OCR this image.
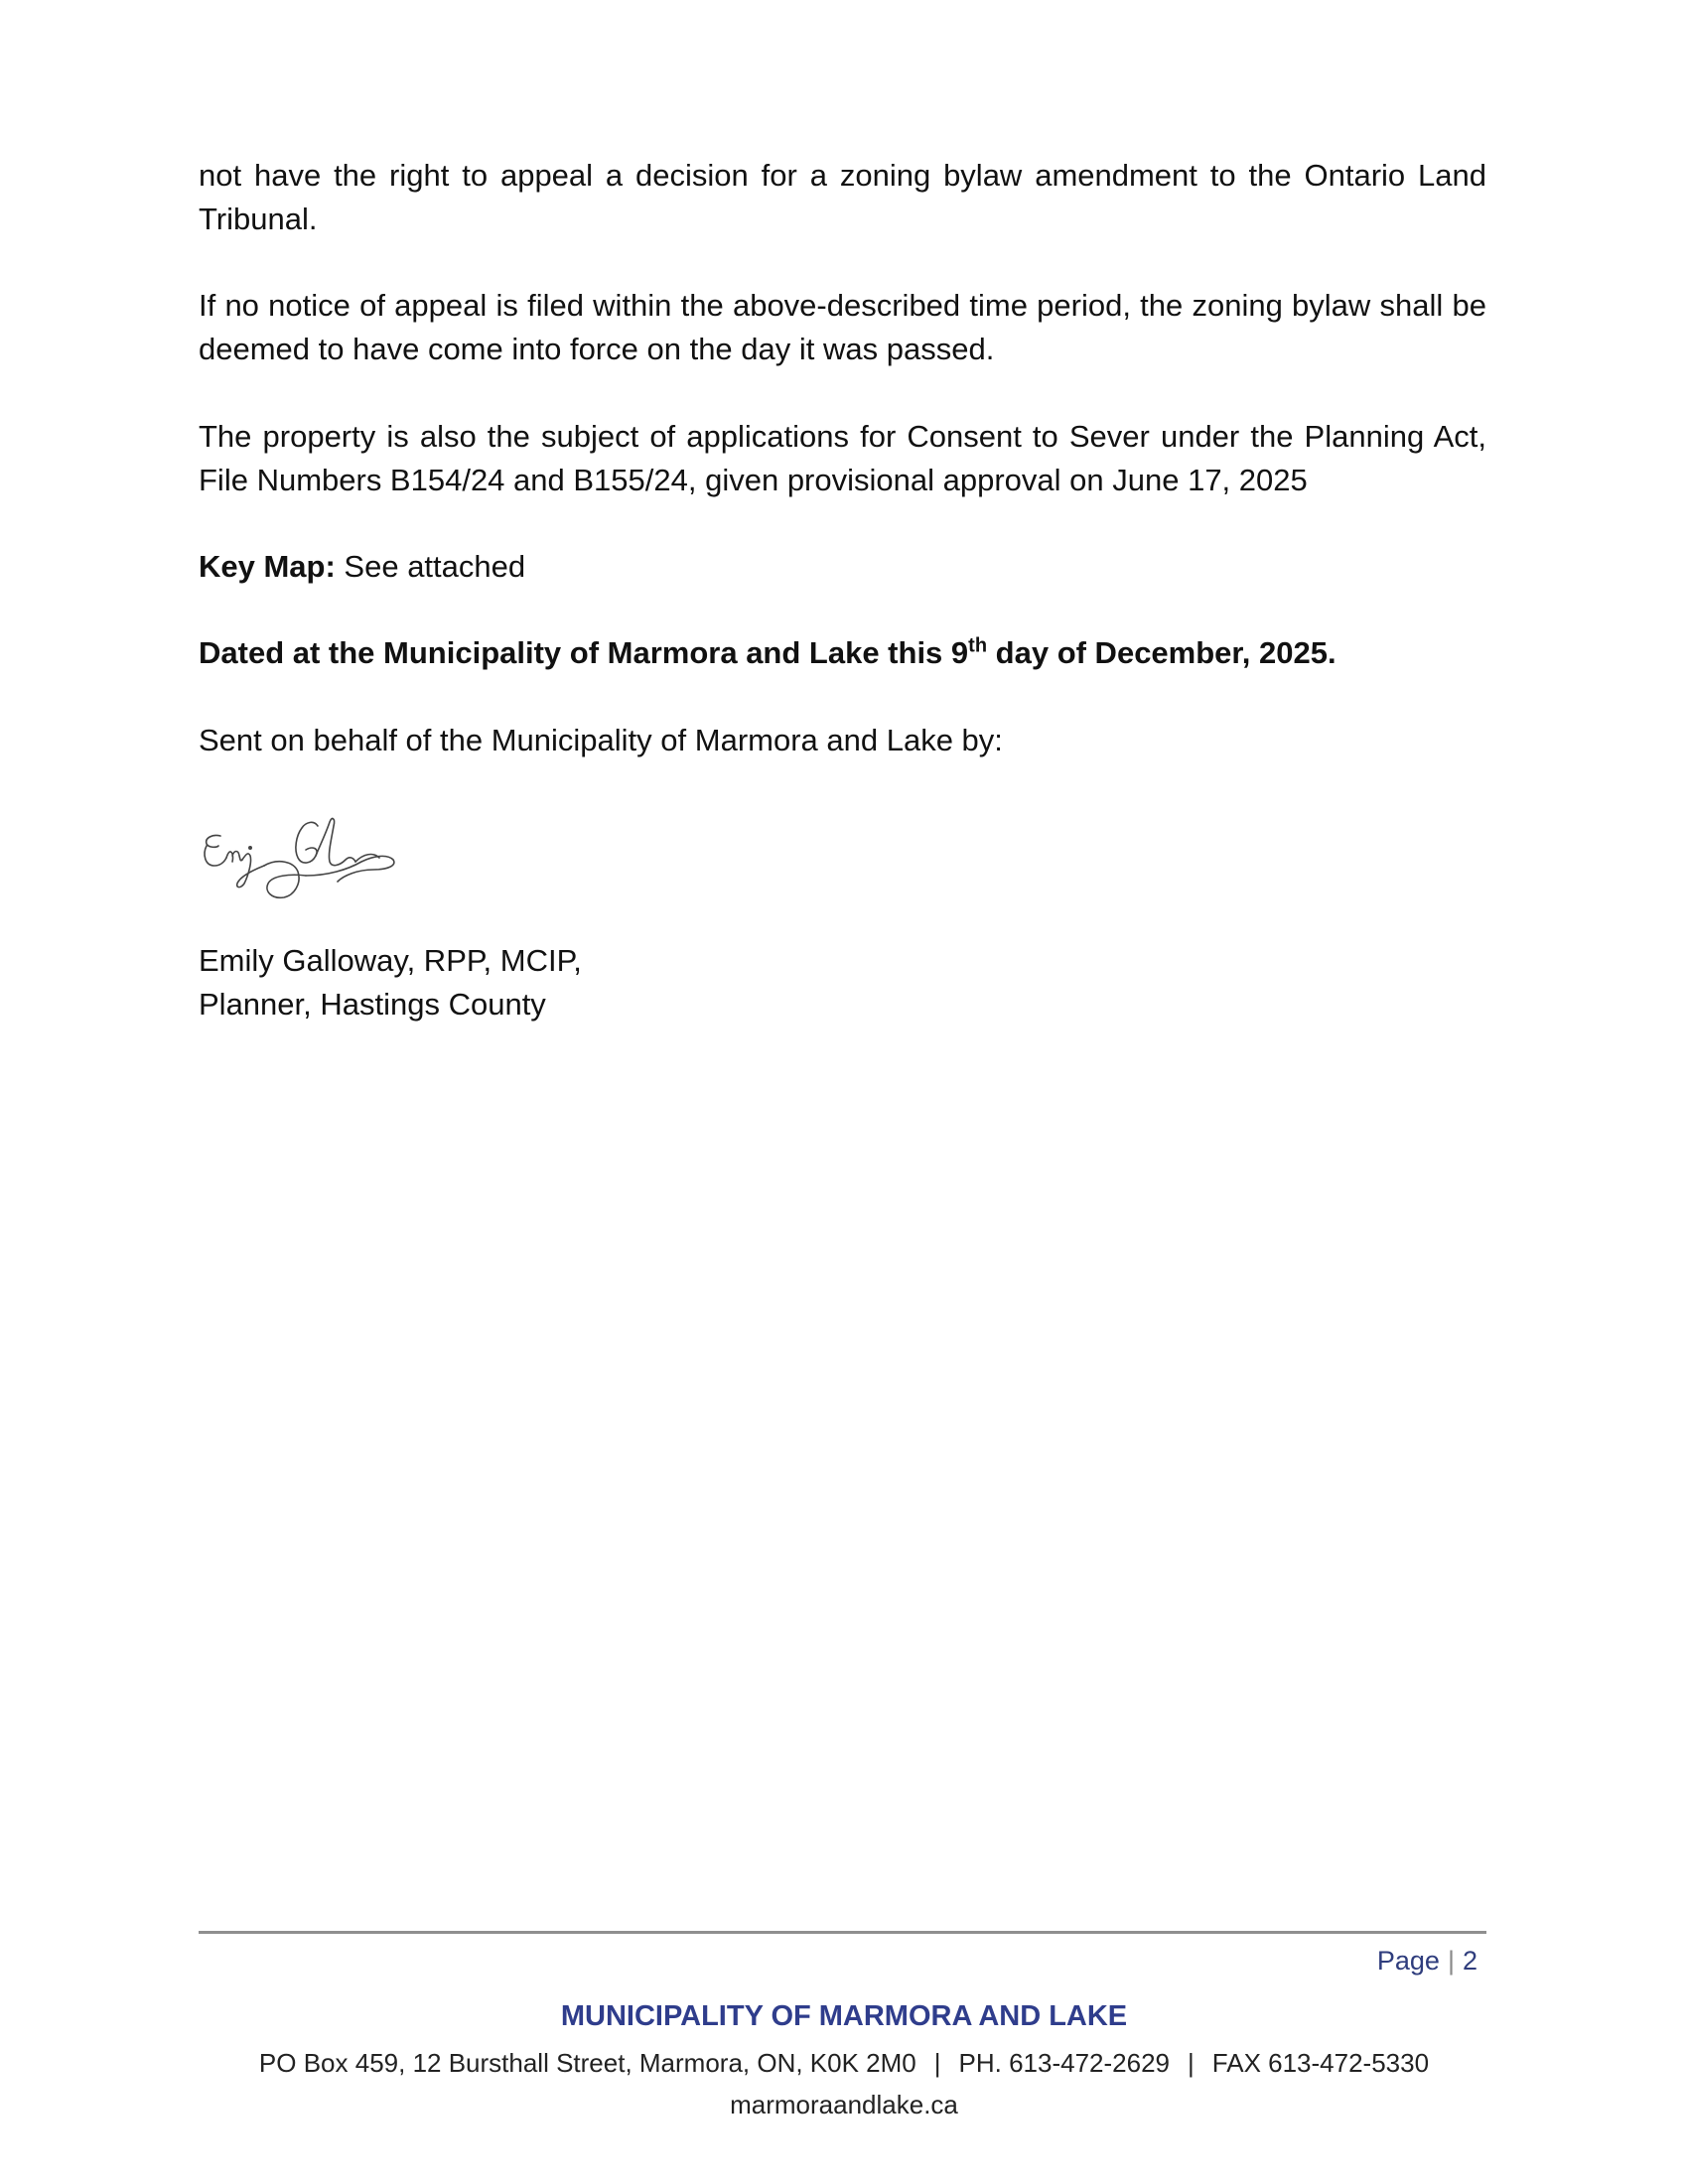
not have the right to appeal a decision for a zoning bylaw amendment to the Ontario Land Tribunal.

If no notice of appeal is filed within the above-described time period, the zoning bylaw shall be deemed to have come into force on the day it was passed.

The property is also the subject of applications for Consent to Sever under the Planning Act, File Numbers B154/24 and B155/24, given provisional approval on June 17, 2025

Key Map: See attached

Dated at the Municipality of Marmora and Lake this 9th day of December, 2025.

Sent on behalf of the Municipality of Marmora and Lake by:

Emily Galloway, RPP, MCIP,
Planner, Hastings County
Page | 2
MUNICIPALITY OF MARMORA AND LAKE
PO Box 459, 12 Bursthall Street, Marmora, ON, K0K 2M0 | PH. 613-472-2629 | FAX 613-472-5330
marmoraandlake.ca
